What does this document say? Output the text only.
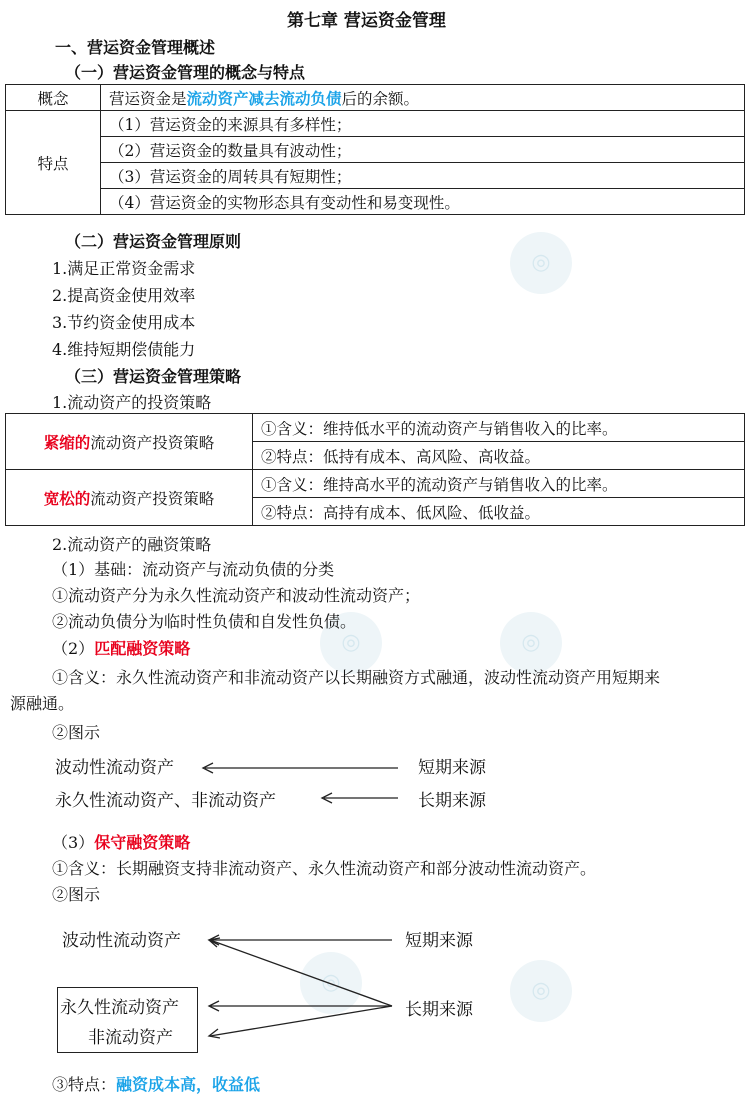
◎
◎	◎
◎	◎
第七章 营运资金管理
一、营运资金管理概述
（一）营运资金管理的概念与特点
概念	营运资金是流动资产减去流动负债后的余额。
特点	（1）营运资金的来源具有多样性；
	（2）营运资金的数量具有波动性；
	（3）营运资金的周转具有短期性；
	（4）营运资金的实物形态具有变动性和易变现性。
（二）营运资金管理原则
1.满足正常资金需求
2.提高资金使用效率
3.节约资金使用成本
4.维持短期偿债能力
（三）营运资金管理策略
1.流动资产的投资策略
紧缩的流动资产投资策略	①含义：维持低水平的流动资产与销售收入的比率。
	②特点：低持有成本、高风险、高收益。
宽松的流动资产投资策略	①含义：维持高水平的流动资产与销售收入的比率。
	②特点：高持有成本、低风险、低收益。
2.流动资产的融资策略
（1）基础：流动资产与流动负债的分类
①流动资产分为永久性流动资产和波动性流动资产；
②流动负债分为临时性负债和自发性负债。
（2）匹配融资策略
①含义：永久性流动资产和非流动资产以长期融资方式融通，波动性流动资产用短期来
源融通。
②图示
波动性流动资产	短期来源
永久性流动资产、非流动资产	长期来源
（3）保守融资策略
①含义：长期融资支持非流动资产、永久性流动资产和部分波动性流动资产。
②图示
波动性流动资产	短期来源
永久性流动资产
非流动资产
长期来源
③特点：融资成本高，收益低
